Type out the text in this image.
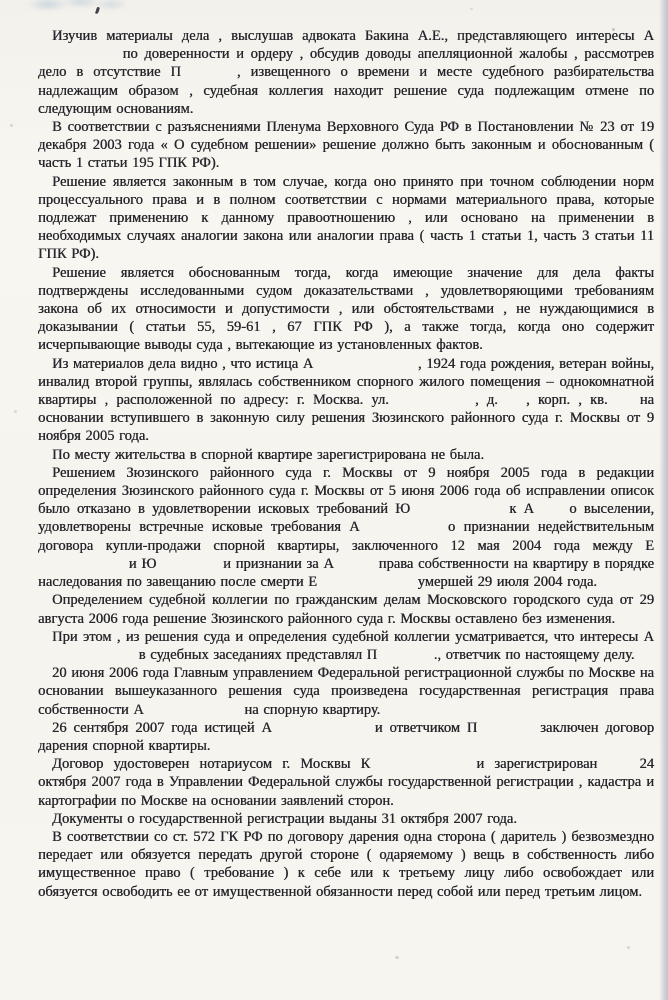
Изучив материалы дела , выслушав адвоката Бакина А.Е., представляющего интересы А по доверенности и ордеру , обсудив доводы апелляционной жалобы , рассмотрев дело в отсутствие П	, извещенного о времени и месте судебного разбирательства надлежащим образом , судебная коллегия находит решение суда подлежащим отмене по следующим основаниям.

В соответствии с разъяснениями Пленума Верховного Суда РФ в Постановлении № 23 от 19 декабря 2003 года « О судебном решении» решение должно быть законным и обоснованным ( часть 1 статьи 195 ГПК РФ).

Решение является законным в том случае, когда оно принято при точном соблюдении норм процессуального права и в полном соответствии с нормами материального права, которые подлежат применению к данному правоотношению , или основано на применении в необходимых случаях аналогии закона или аналогии права ( часть 1 статьи 1, часть 3 статьи 11 ГПК РФ).

Решение является обоснованным тогда, когда имеющие значение для дела факты подтверждены исследованными судом доказательствами , удовлетворяющими требованиям закона об их относимости и допустимости , или обстоятельствами , не нуждающимися в доказывании ( статьи 55, 59-61 , 67 ГПК РФ ), а также тогда, когда оно содержит исчерпывающие выводы суда , вытекающие из установленных фактов.

Из материалов дела видно , что истица А	, 1924 года рождения, ветеран войны, инвалид второй группы, являлась собственником спорного жилого помещения – однокомнатной квартиры , расположенной по адресу: г. Москва. ул.	, д.  , корп. , кв.  на основании вступившего в законную силу решения Зюзинского районного суда г. Москвы от 9 ноября 2005 года.

По месту жительства в спорной квартире зарегистрирована не была.

Решением Зюзинского районного суда г. Москвы от 9 ноября 2005 года в редакции определения Зюзинского районного суда г. Москвы от 5 июня 2006 года об исправлении описок было отказано в удовлетворении исковых требований Ю	к А о выселении, удовлетворены встречные исковые требования А	о признании недействительным договора купли-продажи спорной квартиры, заключенного 12 мая 2004 года между Е и Ю	и признании за А	права собственности на квартиру в порядке наследования по завещанию после смерти Е	умершей 29 июля 2004 года.

Определением судебной коллегии по гражданским делам Московского городского суда от 29 августа 2006 года решение Зюзинского районного суда г. Москвы оставлено без изменения.

При этом , из решения суда и определения судебной коллегии усматривается, что интересы А в судебных заседаниях представлял П	., ответчик по настоящему делу.

20 июня 2006 года Главным управлением Федеральной регистрационной службы по Москве на основании вышеуказанного решения суда произведена государственная регистрация права собственности А	на спорную квартиру.

26 сентября 2007 года истицей А	и ответчиком П	заключен договор дарения спорной квартиры.

Договор удостоверен нотариусом г. Москвы К	и зарегистрирован  24 октября 2007 года в Управлении Федеральной службы государственной регистрации , кадастра и картографии по Москве на основании заявлений сторон.

Документы о государственной регистрации выданы 31 октября 2007 года.

В соответствии со ст. 572 ГК РФ по договору дарения одна сторона ( даритель ) безвозмездно передает или обязуется передать другой стороне ( одаряемому ) вещь в собственность либо имущественное право ( требование ) к себе или к третьему лицу либо освобождает или обязуется освободить ее от имущественной обязанности перед собой или перед третьим лицом.
